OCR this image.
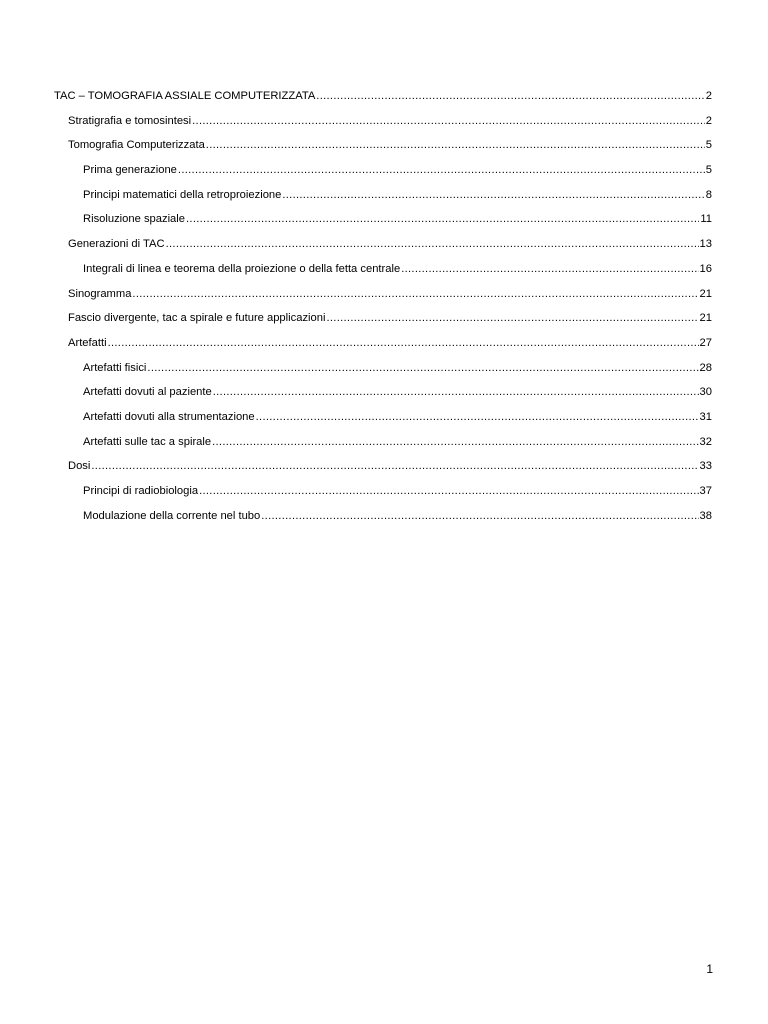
TAC – TOMOGRAFIA ASSIALE COMPUTERIZZATA .....	2
Stratigrafia e tomosintesi .....	2
Tomografia Computerizzata .....	5
Prima generazione .....	5
Principi matematici della retroproiezione .....	8
Risoluzione spaziale .....	11
Generazioni di TAC .....	13
Integrali di linea e teorema della proiezione o della fetta centrale .....	16
Sinogramma .....	21
Fascio divergente, tac a spirale e future applicazioni .....	21
Artefatti .....	27
Artefatti fisici .....	28
Artefatti dovuti al paziente .....	30
Artefatti dovuti alla strumentazione .....	31
Artefatti sulle tac a spirale .....	32
Dosi .....	33
Principi di radiobiologia .....	37
Modulazione della corrente nel tubo .....	38
1
